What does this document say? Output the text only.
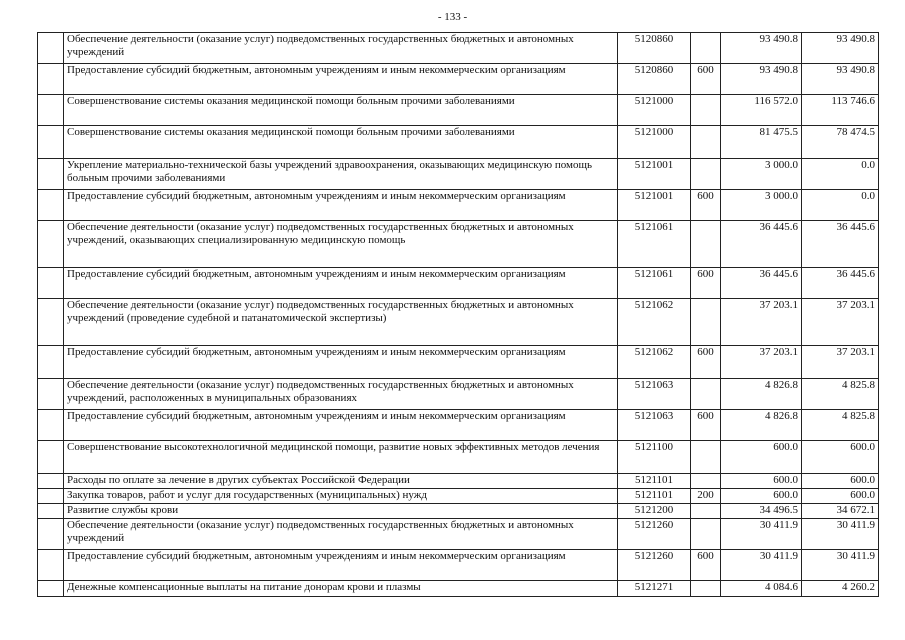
- 133 -
	Обеспечение деятельности (оказание услуг) подведомственных государственных бюджетных и автономных учреждений	5120860		93 490.8	93 490.8
	Предоставление субсидий бюджетным, автономным учреждениям и иным некоммерческим организациям	5120860	600	93 490.8	93 490.8
	Совершенствование системы оказания медицинской помощи больным прочими заболеваниями	5121000		116 572.0	113 746.6
	Совершенствование системы оказания медицинской помощи больным прочими заболеваниями	5121000		81 475.5	78 474.5
	Укрепление материально-технической базы учреждений здравоохранения, оказывающих медицинскую помощь больным прочими заболеваниями	5121001		3 000.0	0.0
	Предоставление субсидий бюджетным, автономным учреждениям и иным некоммерческим организациям	5121001	600	3 000.0	0.0
	Обеспечение деятельности (оказание услуг) подведомственных государственных бюджетных и автономных учреждений, оказывающих специализированную медицинскую помощь	5121061		36 445.6	36 445.6
	Предоставление субсидий бюджетным, автономным учреждениям и иным некоммерческим организациям	5121061	600	36 445.6	36 445.6
	Обеспечение деятельности (оказание услуг) подведомственных государственных бюджетных и автономных учреждений (проведение судебной и патанатомической экспертизы)	5121062		37 203.1	37 203.1
	Предоставление субсидий бюджетным, автономным учреждениям и иным некоммерческим организациям	5121062	600	37 203.1	37 203.1
	Обеспечение деятельности (оказание услуг) подведомственных государственных бюджетных и автономных учреждений, расположенных в муниципальных образованиях	5121063		4 826.8	4 825.8
	Предоставление субсидий бюджетным, автономным учреждениям и иным некоммерческим организациям	5121063	600	4 826.8	4 825.8
	Совершенствование высокотехнологичной медицинской помощи, развитие новых эффективных методов лечения	5121100		600.0	600.0
	Расходы по оплате за лечение в других субъектах Российской Федерации	5121101		600.0	600.0
	Закупка товаров, работ и услуг для государственных (муниципальных) нужд	5121101	200	600.0	600.0
	Развитие службы крови	5121200		34 496.5	34 672.1
	Обеспечение деятельности (оказание услуг) подведомственных государственных бюджетных и автономных учреждений	5121260		30 411.9	30 411.9
	Предоставление субсидий бюджетным, автономным учреждениям и иным некоммерческим организациям	5121260	600	30 411.9	30 411.9
	Денежные компенсационные выплаты на питание донорам крови и плазмы	5121271		4 084.6	4 260.2
